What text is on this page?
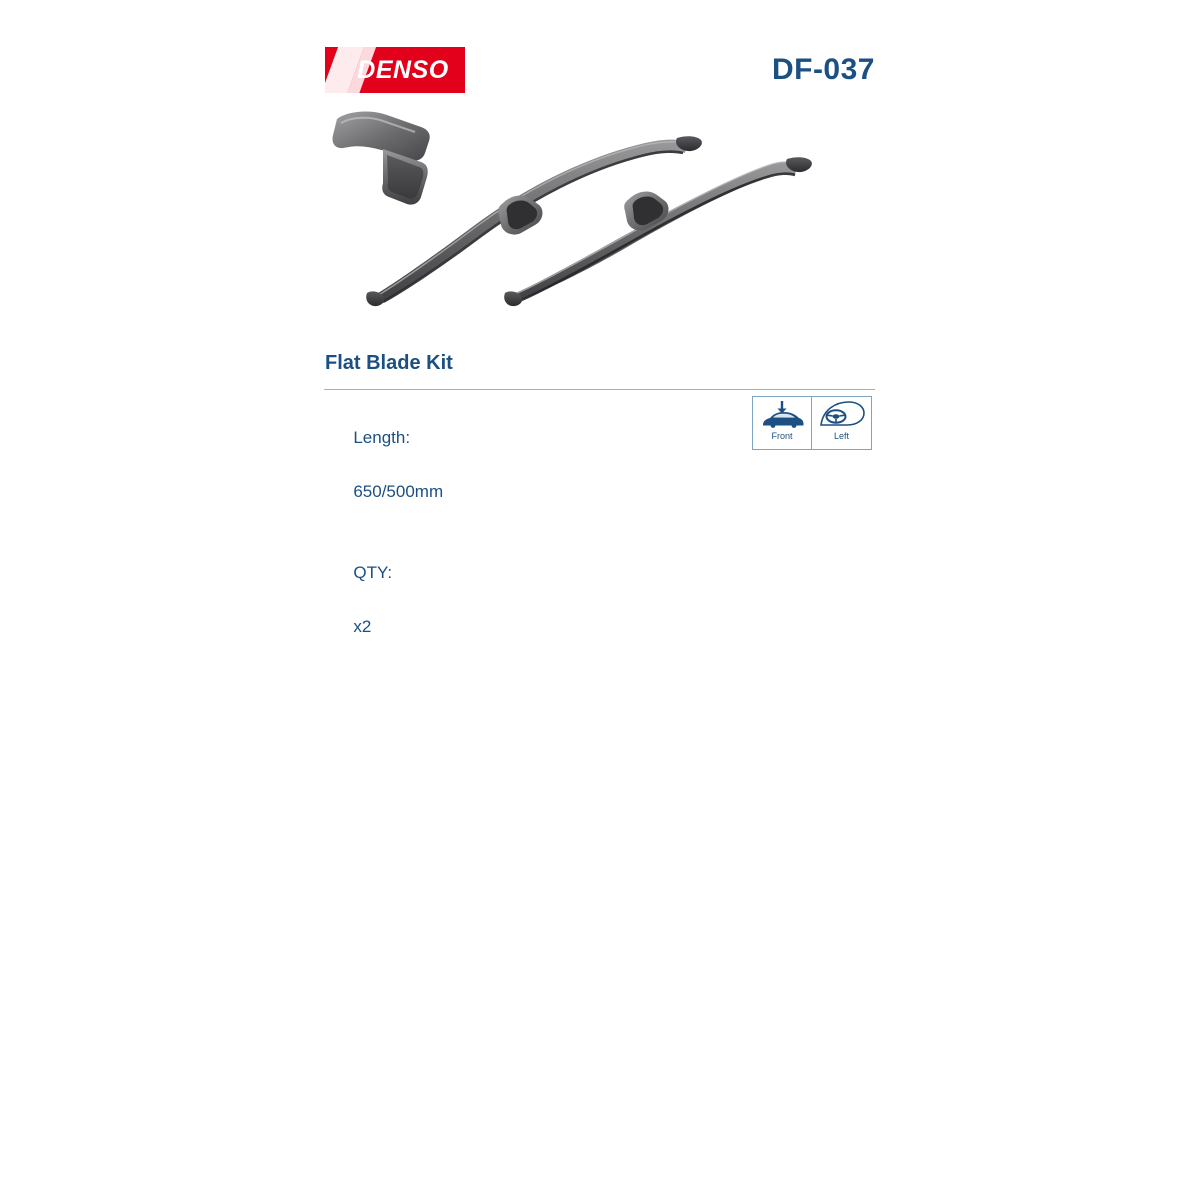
DENSO	DF-037
Flat Blade Kit

Length:

650/500mm

QTY:

x2

Front	Left
